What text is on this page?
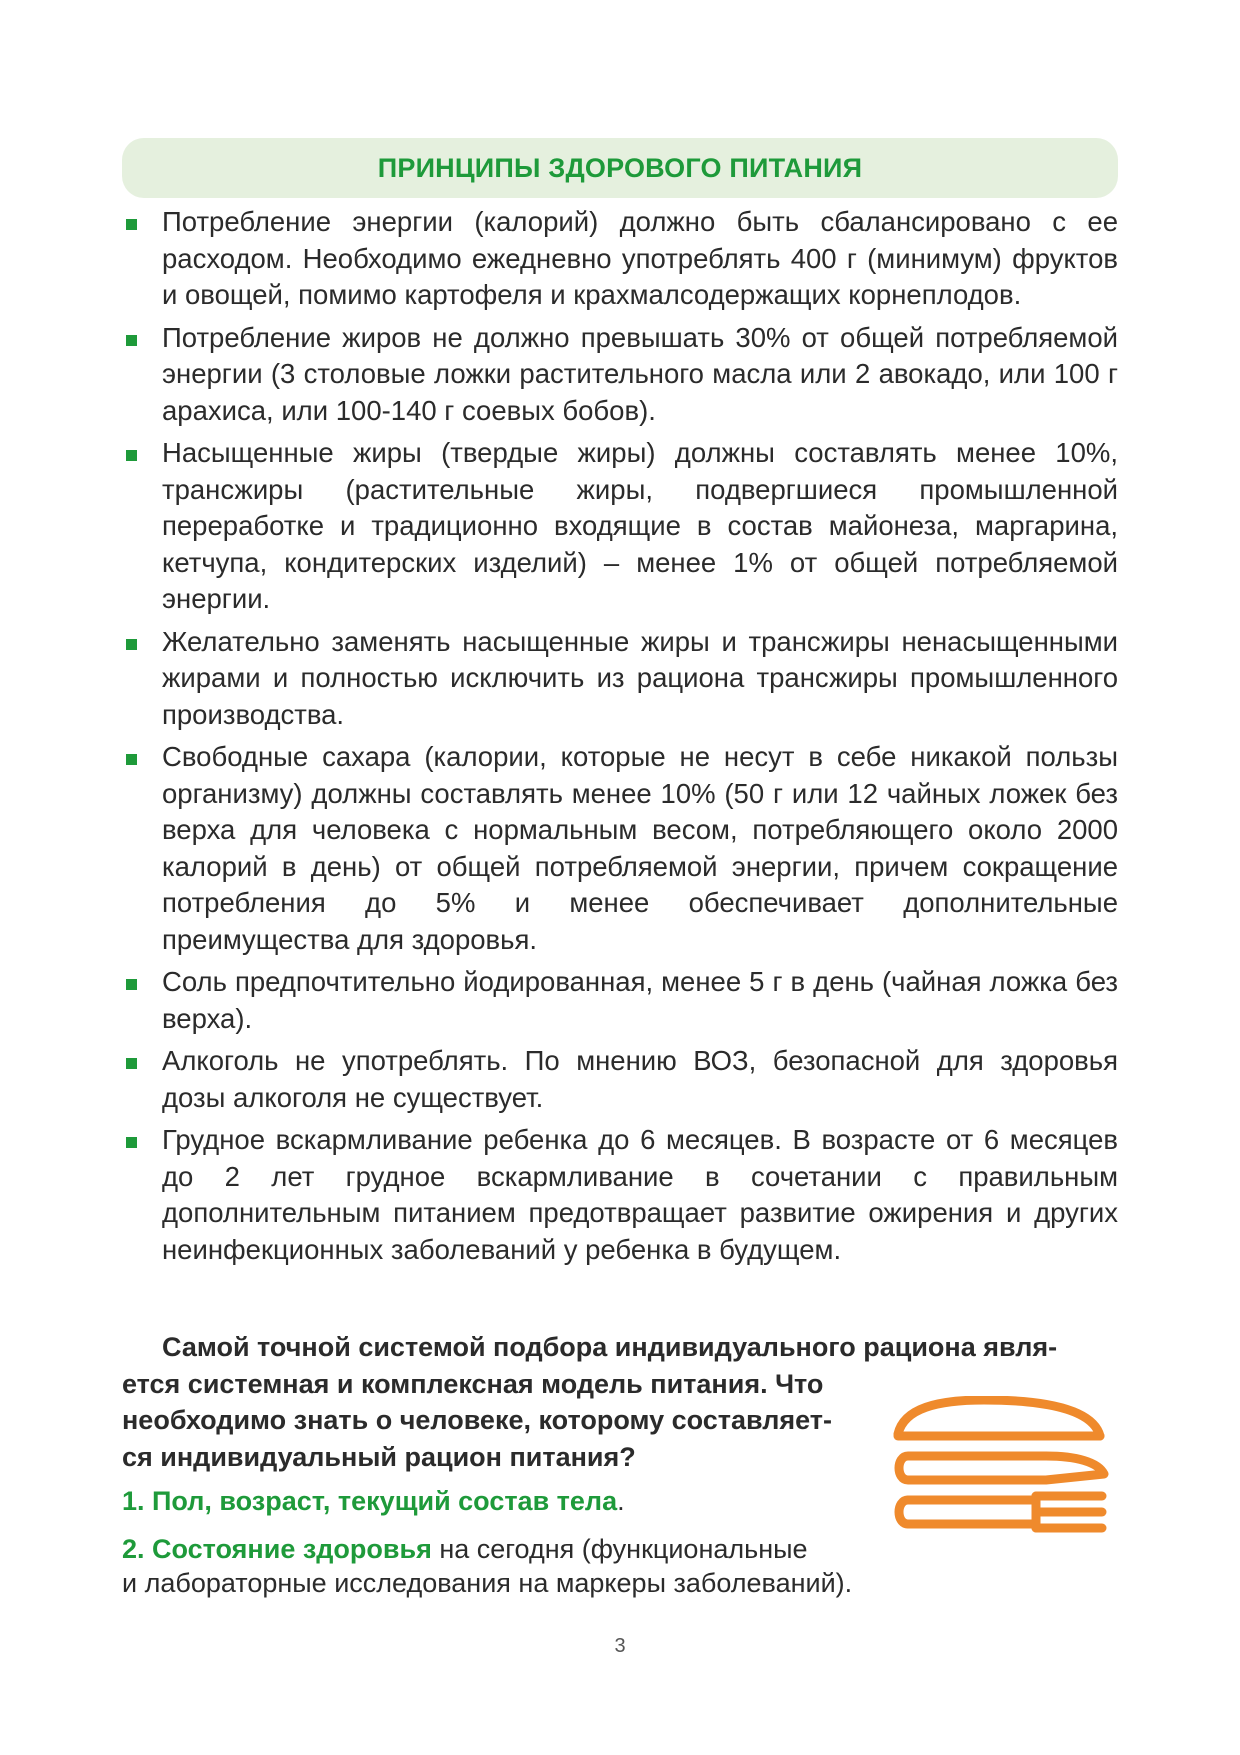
ПРИНЦИПЫ ЗДОРОВОГО ПИТАНИЯ
Потребление энергии (калорий) должно быть сбалансировано с ее расходом. Необходимо ежедневно употреблять 400 г (минимум) фруктов и овощей, помимо картофеля и крахмалсодержащих корнеплодов.
Потребление жиров не должно превышать 30% от общей потребляемой энергии (3 столовые ложки растительного масла или 2 авокадо, или 100 г арахиса, или 100-140 г соевых бобов).
Насыщенные жиры (твердые жиры) должны составлять менее 10%, трансжиры (растительные жиры, подвергшиеся промышленной переработке и традиционно входящие в состав майонеза, маргарина, кетчупа, кондитерских изделий) – менее 1% от общей потребляемой энергии.
Желательно заменять насыщенные жиры и трансжиры ненасыщенными жирами и полностью исключить из рациона трансжиры промышленного производства.
Свободные сахара (калории, которые не несут в себе никакой пользы организму) должны составлять менее 10% (50 г или 12 чайных ложек без верха для человека с нормальным весом, потребляющего около 2000 калорий в день) от общей потребляемой энергии, причем сокращение потребления до 5% и менее обеспечивает дополнительные преимущества для здоровья.
Соль предпочтительно йодированная, менее 5 г в день (чайная ложка без верха).
Алкоголь не употреблять. По мнению ВОЗ, безопасной для здоровья дозы алкоголя не существует.
Грудное вскармливание ребенка до 6 месяцев. В возрасте от 6 месяцев до 2 лет грудное вскармливание в сочетании с правильным дополнительным питанием предотвращает развитие ожирения и других неинфекционных заболеваний у ребенка в будущем.
Самой точной системой подбора индивидуального рациона явля-
ется системная и комплексная модель питания. Что
необходимо знать о человеке, которому составляет-
ся индивидуальный рацион питания?
1. Пол, возраст, текущий состав тела.
2. Состояние здоровья на сегодня (функциональные
и лабораторные исследования на маркеры заболеваний).
3
